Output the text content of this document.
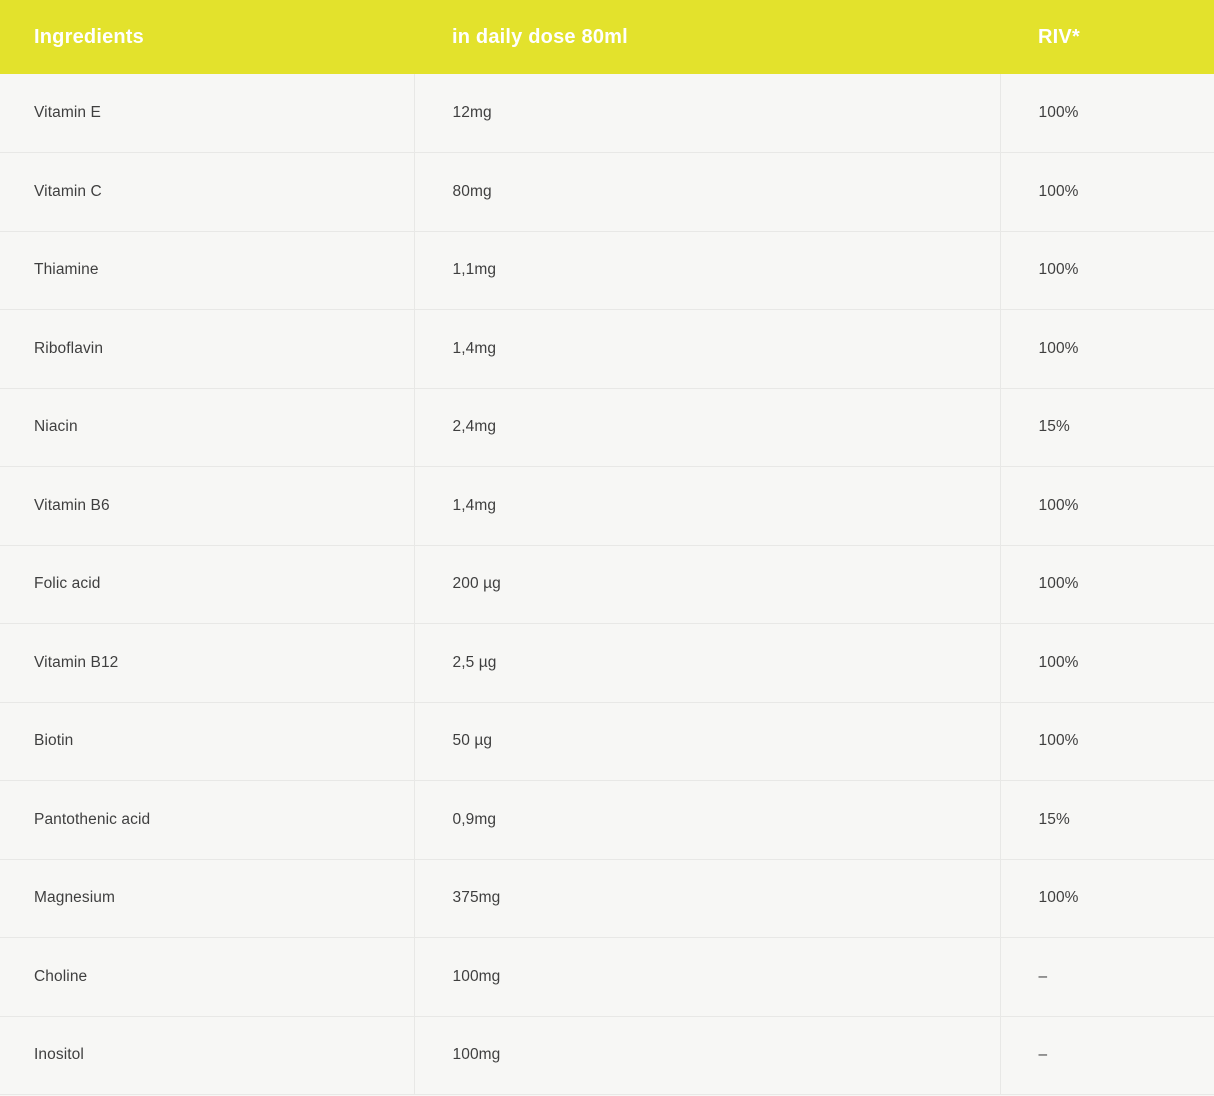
Ingredients	in daily dose 80ml	RIV*
Vitamin E	12mg	100%
Vitamin C	80mg	100%
Thiamine	1,1mg	100%
Riboflavin	1,4mg	100%
Niacin	2,4mg	15%
Vitamin B6	1,4mg	100%
Folic acid	200 µg	100%
Vitamin B12	2,5 µg	100%
Biotin	50 µg	100%
Pantothenic acid	0,9mg	15%
Magnesium	375mg	100%
Choline	100mg	–
Inositol	100mg	–
